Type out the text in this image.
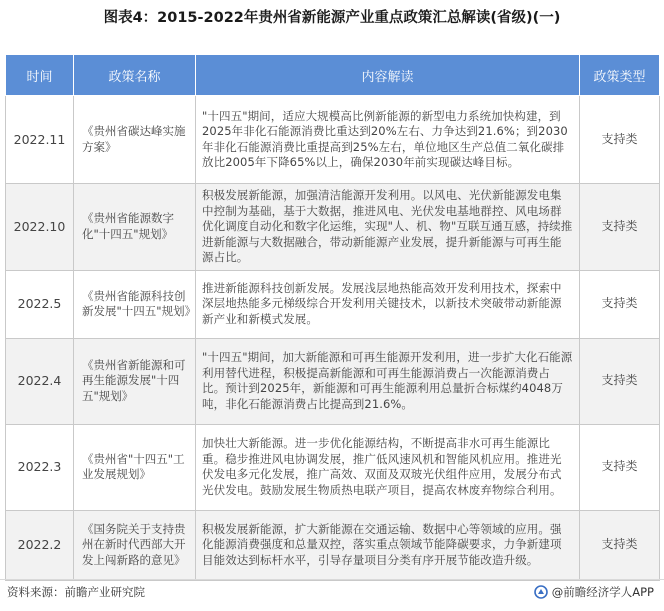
图表4：2015-2022年贵州省新能源产业重点政策汇总解读(省级)(一)
时间	政策名称	内容解读	政策类型
2022.11	《贵州省碳达峰实施方案》	"十四五"期间，适应大规模高比例新能源的新型电力系统加快构建，到2025年非化石能源消费比重达到20%左右、力争达到21.6%；到2030年非化石能源消费比重提高到25%左右，单位地区生产总值二氧化碳排放比2005年下降65%以上，确保2030年前实现碳达峰目标。	支持类
2022.10	《贵州省能源数字化"十四五"规划》	积极发展新能源，加强清洁能源开发利用。以风电、光伏新能源发电集中控制为基础，基于大数据，推进风电、光伏发电基地群控、风电场群优化调度自动化和数字化运维，实现"人、机、物"互联互通互感，持续推进新能源与大数据融合，带动新能源产业发展，提升新能源与可再生能源占比。	支持类
2022.5	《贵州省能源科技创新发展"十四五"规划》	推进新能源科技创新发展。发展浅层地热能高效开发利用技术，探索中深层地热能多元梯级综合开发利用关键技术，以新技术突破带动新能源新产业和新模式发展。	支持类
2022.4	《贵州省新能源和可再生能源发展"十四五"规划》	"十四五"期间，加大新能源和可再生能源开发利用，进一步扩大化石能源利用替代进程，积极提高新能源和可再生能源消费占一次能源消费占比。预计到2025年，新能源和可再生能源利用总量折合标煤约4048万吨，非化石能源消费占比提高到21.6%。	支持类
2022.3	《贵州省"十四五"工业发展规划》	加快壮大新能源。进一步优化能源结构，不断提高非水可再生能源比重。稳步推进风电协调发展，推广低风速风机和智能风机应用。推进光伏发电多元化发展，推广高效、双面及双玻光伏组件应用，发展分布式光伏发电。鼓励发展生物质热电联产项目，提高农林废弃物综合利用。	支持类
2022.2	《国务院关于支持贵州在新时代西部大开发上闯新路的意见》	积极发展新能源，扩大新能源在交通运输、数据中心等领域的应用。强化能源消费强度和总量双控，落实重点领域节能降碳要求，力争新建项目能效达到标杆水平，引导存量项目分类有序开展节能改造升级。	支持类
资料来源：前瞻产业研究院	@前瞻经济学人APP
